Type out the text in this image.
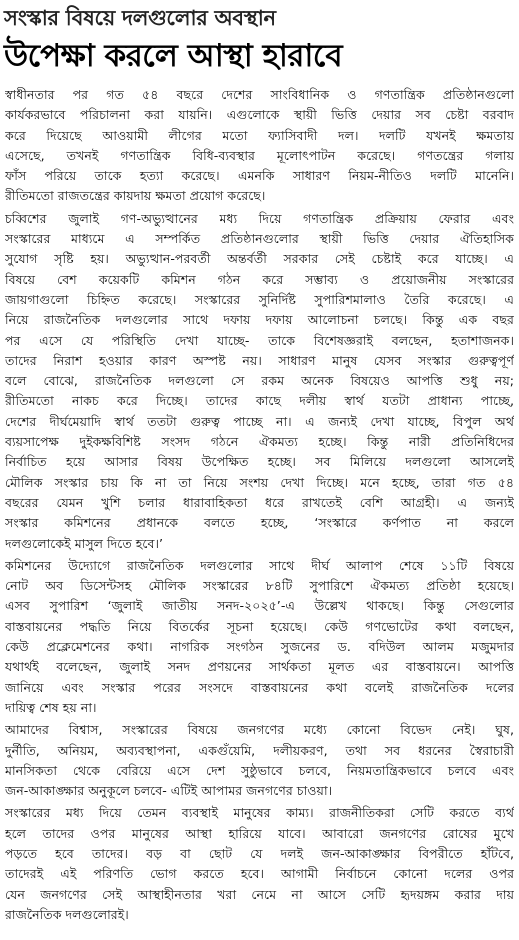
সংস্কার বিষয়ে দলগুলোর অবস্থান
উপেক্ষা করলে আস্থা হারাবে

স্বাধীনতার পর গত ৫৪ বছরে দেশের সাংবিধানিক ও গণতান্ত্রিক প্রতিষ্ঠানগুলো
কার্যকরভাবে পরিচালনা করা যায়নি। এগুলোকে স্থায়ী ভিত্তি দেয়ার সব চেষ্টা বরবাদ
করে দিয়েছে আওয়ামী লীগের মতো ফ্যাসিবাদী দল। দলটি যখনই ক্ষমতায়
এসেছে, তখনই গণতান্ত্রিক বিধি-ব্যবস্থার মূলোৎপাটন করেছে। গণতন্ত্রের গলায়
ফাঁস পরিয়ে তাকে হত্যা করেছে। এমনকি সাধারণ নিয়ম-নীতিও দলটি মানেনি।
রীতিমতো রাজতন্ত্রের কায়দায় ক্ষমতা প্রয়োগ করেছে।

চব্বিশের জুলাই গণ-অভ্যুত্থানের মধ্য দিয়ে গণতান্ত্রিক প্রক্রিয়ায় ফেরার এবং
সংস্কারের মাধ্যমে এ সম্পর্কিত প্রতিষ্ঠানগুলোর স্থায়ী ভিত্তি দেয়ার ঐতিহাসিক
সুযোগ সৃষ্টি হয়। অভ্যুত্থান-পরবর্তী অন্তর্বর্তী সরকার সেই চেষ্টাই করে যাচ্ছে। এ
বিষয়ে বেশ কয়েকটি কমিশন গঠন করে সম্ভাব্য ও প্রয়োজনীয় সংস্কারের
জায়গাগুলো চিহ্নিত করেছে। সংস্কারের সুনির্দিষ্ট সুপারিশমালাও তৈরি করেছে। এ
নিয়ে রাজনৈতিক দলগুলোর সাথে দফায় দফায় আলোচনা চলছে। কিন্তু এক বছর
পর এসে যে পরিস্থিতি দেখা যাচ্ছে- তাকে বিশেষজ্ঞরাই বলছেন, হতাশাজনক।
তাদের নিরাশ হওয়ার কারণ অস্পষ্ট নয়। সাধারণ মানুষ যেসব সংস্কার গুরুত্বপূর্ণ
বলে বোঝে, রাজনৈতিক দলগুলো সে রকম অনেক বিষয়েও আপত্তি শুধু নয়;
রীতিমতো নাকচ করে দিচ্ছে। তাদের কাছে দলীয় স্বার্থ যতটা প্রাধান্য পাচ্ছে,
দেশের দীর্ঘমেয়াদি স্বার্থ ততটা গুরুত্ব পাচ্ছে না। এ জন্যই দেখা যাচ্ছে, বিপুল অর্থ
ব্যয়সাপেক্ষ দুইকক্ষবিশিষ্ট সংসদ গঠনে ঐকমত্য হচ্ছে। কিন্তু নারী প্রতিনিধিদের
নির্বাচিত হয়ে আসার বিষয় উপেক্ষিত হচ্ছে। সব মিলিয়ে দলগুলো আসলেই
মৌলিক সংস্কার চায় কি না তা নিয়ে সংশয় দেখা দিচ্ছে। মনে হচ্ছে, তারা গত ৫৪
বছরের যেমন খুশি চলার ধারাবাহিকতা ধরে রাখতেই বেশি আগ্রহী। এ জন্যই
সংস্কার কমিশনের প্রধানকে বলতে হচ্ছে, ‘সংস্কারে কর্ণপাত না করলে
দলগুলোকেই মাসুল দিতে হবে।’

কমিশনের উদ্যোগে রাজনৈতিক দলগুলোর সাথে দীর্ঘ আলাপ শেষে ১১টি বিষয়ে
নোট অব ডিসেন্টসহ মৌলিক সংস্কারের ৮৪টি সুপারিশে ঐকমত্য প্রতিষ্ঠা হয়েছে।
এসব সুপারিশ ‘জুলাই জাতীয় সনদ-২০২৫’-এ উল্লেখ থাকছে। কিন্তু সেগুলোর
বাস্তবায়নের পদ্ধতি নিয়ে বিতর্কের সূচনা হয়েছে। কেউ গণভোটের কথা বলছেন,
কেউ প্রক্লেমেশনের কথা। নাগরিক সংগঠন সুজনের ড. বদিউল আলম মজুমদার
যথার্থই বলেছেন, জুলাই সনদ প্রণয়নের সার্থকতা মূলত এর বাস্তবায়নে। আপত্তি
জানিয়ে এবং সংস্কার পরের সংসদে বাস্তবায়নের কথা বলেই রাজনৈতিক দলের
দায়িত্ব শেষ হয় না।

আমাদের বিশ্বাস, সংস্কারের বিষয়ে জনগণের মধ্যে কোনো বিভেদ নেই। ঘুষ,
দুর্নীতি, অনিয়ম, অব্যবস্থাপনা, একগুঁয়েমি, দলীয়করণ, তথা সব ধরনের স্বৈরাচারী
মানসিকতা থেকে বেরিয়ে এসে দেশ সুষ্ঠুভাবে চলবে, নিয়মতান্ত্রিকভাবে চলবে এবং
জন-আকাঙ্ক্ষার অনুকূলে চলবে- এটিই আপামর জনগণের চাওয়া।

সংস্কারের মধ্য দিয়ে তেমন ব্যবস্থাই মানুষের কাম্য। রাজনীতিকরা সেটি করতে ব্যর্থ
হলে তাদের ওপর মানুষের আস্থা হারিয়ে যাবে। আবারো জনগণের রোষের মুখে
পড়তে হবে তাদের। বড় বা ছোট যে দলই জন-আকাঙ্ক্ষার বিপরীতে হাঁটবে,
তাদেরই এই পরিণতি ভোগ করতে হবে। আগামী নির্বাচনে কোনো দলের ওপর
যেন জনগণের সেই আস্থাহীনতার খরা নেমে না আসে সেটি হৃদয়ঙ্গম করার দায়
রাজনৈতিক দলগুলোরই।
